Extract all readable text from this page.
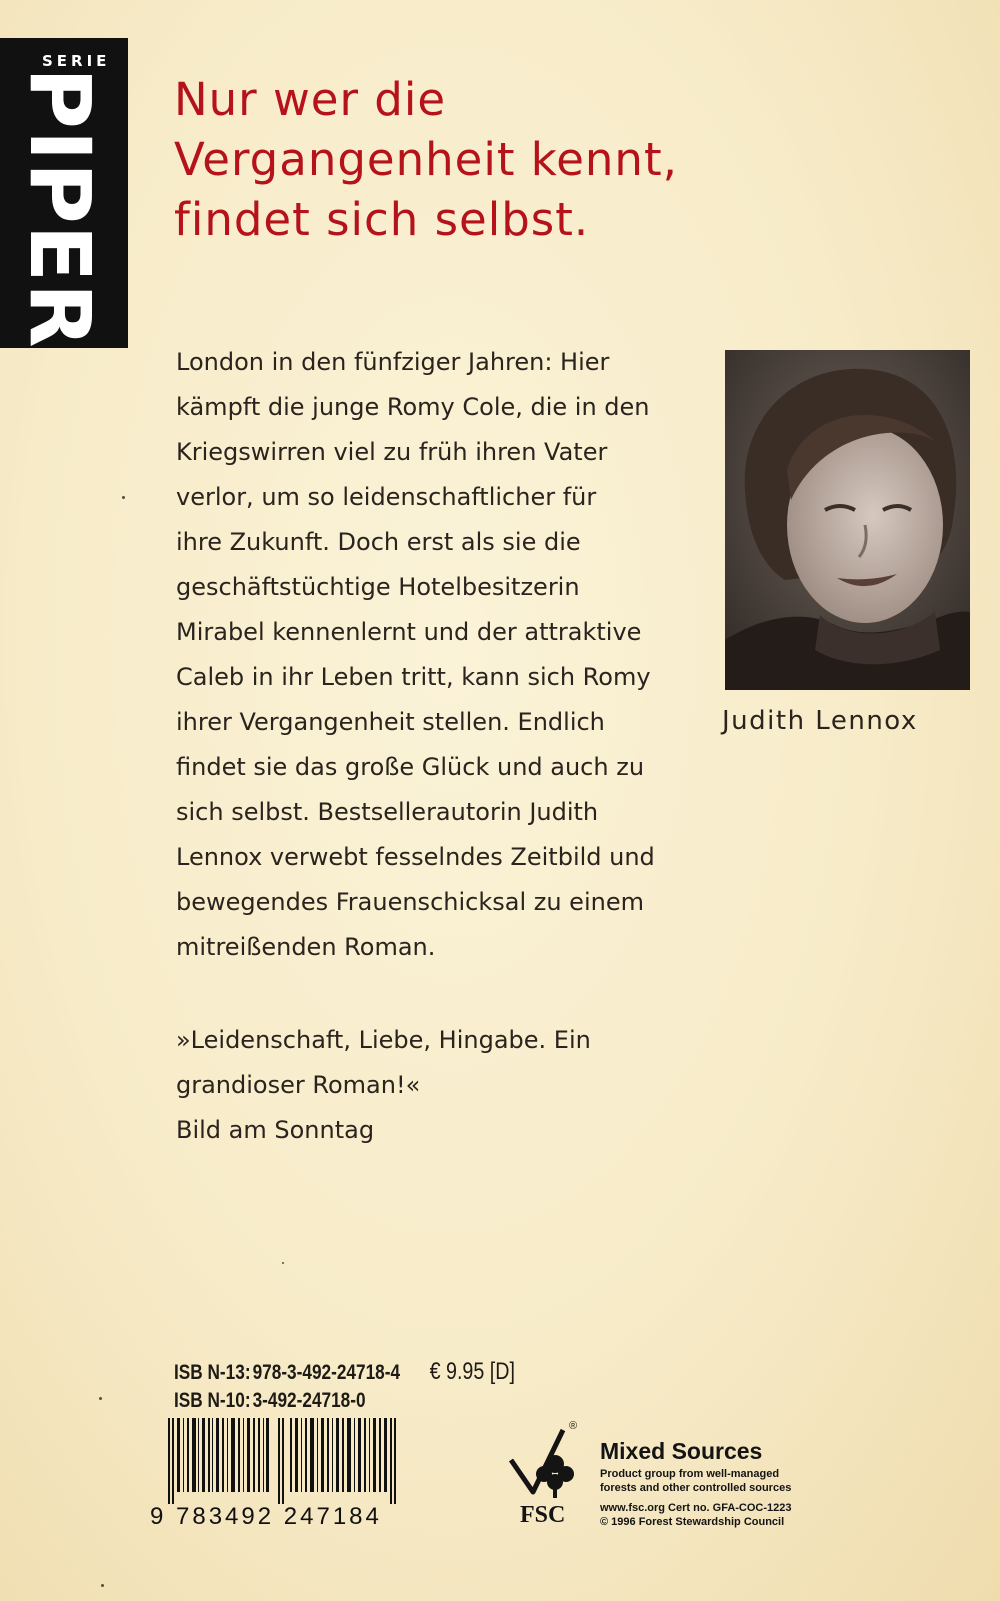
SERIE
PIPER Nur wer die
Vergangenheit kennt,
findet sich selbst.
London in den fünfziger Jahren: Hier
kämpft die junge Romy Cole, die in den
Kriegswirren viel zu früh ihren Vater
verlor, um so leidenschaftlicher für
ihre Zukunft. Doch erst als sie die
geschäftstüchtige Hotelbesitzerin
Mirabel kennenlernt und der attraktive
Caleb in ihr Leben tritt, kann sich Romy
ihrer Vergangenheit stellen. Endlich
findet sie das große Glück und auch zu
sich selbst. Bestsellerautorin Judith
Lennox verwebt fesselndes Zeitbild und
bewegendes Frauenschicksal zu einem
mitreißenden Roman.
Judith Lennox
»Leidenschaft, Liebe, Hingabe. Ein
grandioser Roman!«
Bild am Sonntag
ISB N-13: 978-3-492-24718-4 € 9.95 [D]
ISB N-10: 3-492-24718-0
9 783492 247184
®
FSC
Mixed Sources
Product group from well-managed
forests and other controlled sources
www.fsc.org Cert no. GFA-COC-1223
© 1996 Forest Stewardship Council
